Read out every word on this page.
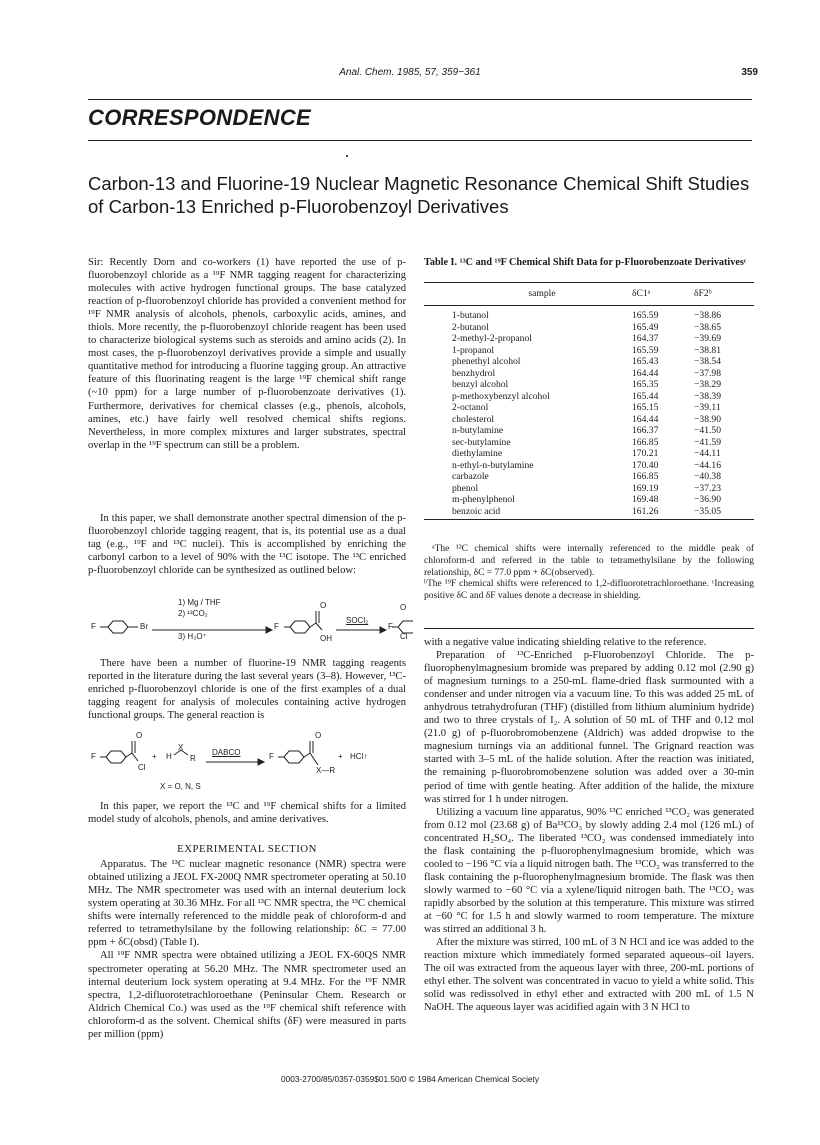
Anal. Chem. 1985, 57, 359−361	359
CORRESPONDENCE
Carbon-13 and Fluorine-19 Nuclear Magnetic Resonance Chemical Shift Studies of Carbon-13 Enriched p-Fluorobenzoyl Derivatives

Sir: Recently Dorn and co-workers (1) have reported the use of p-fluorobenzoyl chloride as a ¹⁹F NMR tagging reagent for characterizing molecules with active hydrogen functional groups. The base catalyzed reaction of p-fluorobenzoyl chloride has provided a convenient method for ¹⁹F NMR analysis of alcohols, phenols, carboxylic acids, amines, and thiols. More recently, the p-fluorobenzoyl chloride reagent has been used to characterize biological systems such as steroids and amino acids (2). In most cases, the p-fluorobenzoyl derivatives provide a simple and usually quantitative method for introducing a fluorine tagging group. An attractive feature of this fluorinating reagent is the large ¹⁹F chemical shift range (~10 ppm) for a large number of p-fluorobenzoate derivatives (1). Furthermore, derivatives for chemical classes (e.g., phenols, alcohols, amines, etc.) have fairly well resolved chemical shifts regions. Nevertheless, in more complex mixtures and larger substrates, spectral overlap in the ¹⁹F spectrum can still be a problem.

In this paper, we shall demonstrate another spectral dimension of the p-fluorobenzoyl chloride tagging reagent, that is, its potential use as a dual tag (e.g., ¹⁹F and ¹³C nuclei). This is accomplished by enriching the carbonyl carbon to a level of 90% with the ¹³C isotope. The ¹³C enriched p-fluorobenzoyl chloride can be synthesized as outlined below:

F	Br
1) Mg / THF
2) ¹³CO₂
3) H₃O⁺
F
O
OH
SOCl₂
F
O
Cl

There have been a number of fluorine-19 NMR tagging reagents reported in the literature during the last several years (3–8). However, ¹³C-enriched p-fluorobenzoyl chloride is one of the first examples of a dual tagging reagent for analysis of molecules containing active hydrogen functional groups. The general reaction is

F
O
Cl
+ H
X
R
DABCO	F
O
X—R
+ HCl↑
X = O, N, S

In this paper, we report the ¹³C and ¹⁹F chemical shifts for a limited model study of alcohols, phenols, and amine derivatives.

EXPERIMENTAL SECTION

Apparatus. The ¹³C nuclear magnetic resonance (NMR) spectra were obtained utilizing a JEOL FX-200Q NMR spectrometer operating at 50.10 MHz. The NMR spectrometer was used with an internal deuterium lock system operating at 30.36 MHz. For all ¹³C NMR spectra, the ¹³C chemical shifts were internally referenced to the middle peak of chloroform-d and referred to tetramethylsilane by the following relationship: δC = 77.00 ppm + δC(obsd) (Table I).

All ¹⁹F NMR spectra were obtained utilizing a JEOL FX-60QS NMR spectrometer operating at 56.20 MHz. The NMR spectrometer used an internal deuterium lock system operating at 9.4 MHz. For the ¹⁹F NMR spectra, 1,2-difluorotetrachloroethane (Peninsular Chem. Research or Aldrich Chemical Co.) was used as the ¹⁹F chemical shift reference with chloroform-d as the solvent. Chemical shifts (δF) were measured in parts per million (ppm)

Table I. ¹³C and ¹⁹F Chemical Shift Data for p-Fluorobenzoate Derivativesᶜ
sample	δC1ᵃ	δF2ᵇ
1-butanol	165.59	−38.86
2-butanol	165.49	−38.65
2-methyl-2-propanol	164.37	−39.69
1-propanol	165.59	−38.81
phenethyl alcohol	165.43	−38.54
benzhydrol	164.44	−37.98
benzyl alcohol	165.35	−38.29
p-methoxybenzyl alcohol	165.44	−38.39
2-octanol	165.15	−39.11
cholesterol	164.44	−38.90
n-butylamine	166.37	−41.50
sec-butylamine	166.85	−41.59
diethylamine	170.21	−44.11
n-ethyl-n-butylamine	170.40	−44.16
carbazole	166.85	−40.38
phenol	169.19	−37.23
m-phenylphenol	169.48	−36.90
benzoic acid	161.26	−35.05
ᵃThe ¹³C chemical shifts were internally referenced to the middle peak of chloroform-d and referred in the table to tetramethylsilane by the following relationship, δC = 77.0 ppm + δC(observed).
ᵇThe ¹⁹F chemical shifts were referenced to 1,2-difluorotetrachloroethane. ᶜIncreasing positive δC and δF values denote a decrease in shielding.

with a negative value indicating shielding relative to the reference.

Preparation of ¹³C-Enriched p-Fluorobenzoyl Chloride. The p-fluorophenylmagnesium bromide was prepared by adding 0.12 mol (2.90 g) of magnesium turnings to a 250-mL flame-dried flask surmounted with a condenser and under nitrogen via a vacuum line. To this was added 25 mL of anhydrous tetrahydrofuran (THF) (distilled from lithium aluminium hydride) and two to three crystals of I₂. A solution of 50 mL of THF and 0.12 mol (21.0 g) of p-fluorobromobenzene (Aldrich) was added dropwise to the magnesium turnings via an additional funnel. The Grignard reaction was started with 3–5 mL of the halide solution. After the reaction was initiated, the remaining p-fluorobromobenzene solution was added over a 30-min period of time with gentle heating. After addition of the halide, the mixture was stirred for 1 h under nitrogen.

Utilizing a vacuum line apparatus, 90% ¹³C enriched ¹³CO₂ was generated from 0.12 mol (23.68 g) of Ba¹³CO₃ by slowly adding 2.4 mol (126 mL) of concentrated H₂SO₄. The liberated ¹³CO₂ was condensed immediately into the flask containing the p-fluorophenylmagnesium bromide, which was cooled to −196 °C via a liquid nitrogen bath. The ¹³CO₂ was transferred to the flask containing the p-fluorophenylmagnesium bromide. The flask was then slowly warmed to −60 °C via a xylene/liquid nitrogen bath. The ¹³CO₂ was rapidly absorbed by the solution at this temperature. This mixture was stirred at −60 °C for 1.5 h and slowly warmed to room temperature. The mixture was stirred an additional 3 h.

After the mixture was stirred, 100 mL of 3 N HCl and ice was added to the reaction mixture which immediately formed separated aqueous–oil layers. The oil was extracted from the aqueous layer with three, 200-mL portions of ethyl ether. The solvent was concentrated in vacuo to yield a white solid. This solid was redissolved in ethyl ether and extracted with 200 mL of 1.5 N NaOH. The aqueous layer was acidified again with 3 N HCl to

0003-2700/85/0357-0359$01.50/0 © 1984 American Chemical Society
